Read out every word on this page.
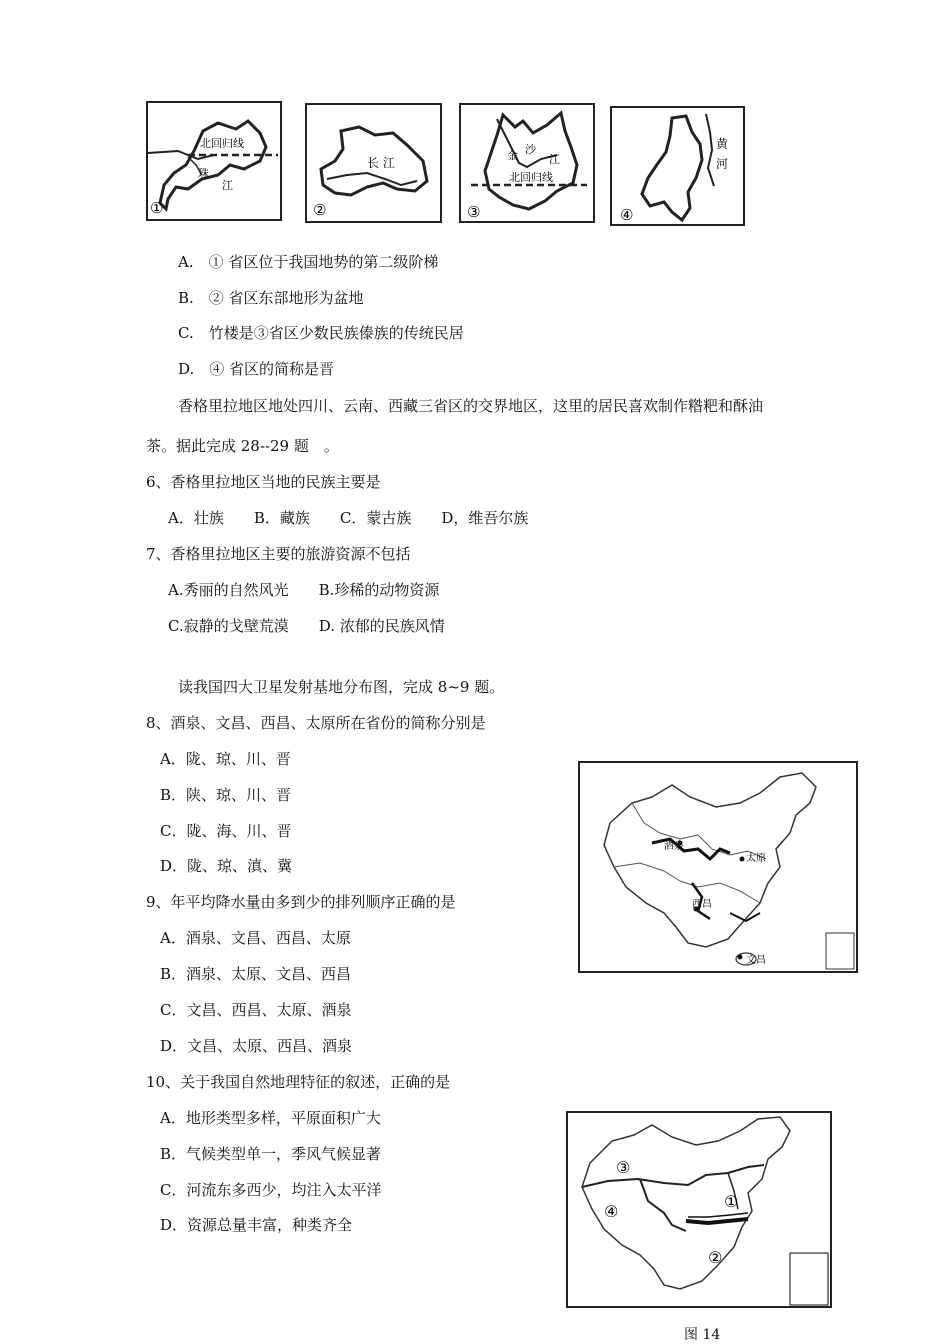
北回归线
珠
江
①
长 江
②
金 沙
江
北回归线
③
黄
河
④
A.　① 省区位于我国地势的第二级阶梯
B.　② 省区东部地形为盆地
C.　竹楼是③省区少数民族傣族的传统民居
D.　④ 省区的简称是晋
香格里拉地区地处四川、云南、西藏三省区的交界地区，这里的居民喜欢制作糌粑和酥油
茶。据此完成 28--29 题　。
6、香格里拉地区当地的民族主要是
A．壮族　　B．藏族　　C．蒙古族　　D，维吾尔族
7、香格里拉地区主要的旅游资源不包括
A.秀丽的自然风光　　B.珍稀的动物资源
C.寂静的戈壁荒漠　　D. 浓郁的民族风情
读我国四大卫星发射基地分布图，完成 8~9 题。
8、酒泉、文昌、西昌、太原所在省份的简称分别是
A．陇、琼、川、晋
B．陕、琼、川、晋
C．陇、海、川、晋
D．陇、琼、滇、冀
9、年平均降水量由多到少的排列顺序正确的是
A．酒泉、文昌、西昌、太原
B．酒泉、太原、文昌、西昌
C．文昌、西昌、太原、酒泉
D．文昌、太原、西昌、酒泉
10、关于我国自然地理特征的叙述，正确的是
A．地形类型多样，平原面积广大
B．气候类型单一，季风气候显著
C．河流东多西少，均注入太平洋
D．资源总量丰富，种类齐全
酒泉
太原
西昌
文昌
③
④
①
②
图 14
